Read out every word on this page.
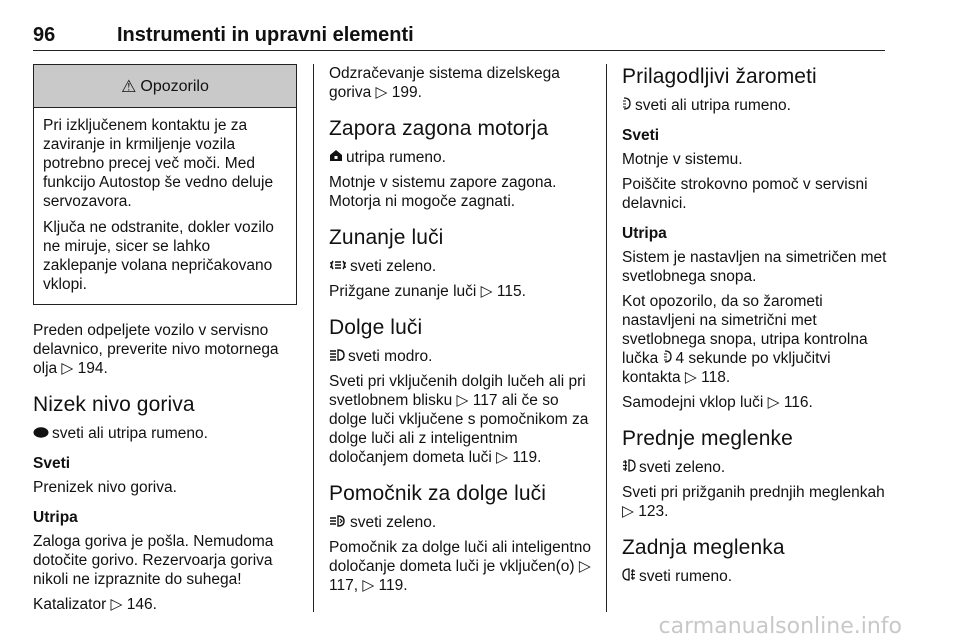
96	Instrumenti in upravni elementi
⚠ Opozorilo

Pri izključenem kontaktu je za zaviranje in krmiljenje vozila potrebno precej več moči. Med funkcijo Autostop še vedno deluje servozavora.

Ključa ne odstranite, dokler vozilo ne miruje, sicer se lahko zaklepanje volana nepričakovano vklopi.

Preden odpeljete vozilo v servisno delavnico, preverite nivo motornega olja ▷ 194.

Nizek nivo goriva

sveti ali utripa rumeno.

Sveti

Prenizek nivo goriva.

Utripa

Zaloga goriva je pošla. Nemudoma dotočite gorivo. Rezervoarja goriva nikoli ne izpraznite do suhega!

Katalizator ▷ 146.

Odzračevanje sistema dizelskega goriva ▷ 199.

Zapora zagona motorja

utripa rumeno.

Motnje v sistemu zapore zagona. Motorja ni mogoče zagnati.

Zunanje luči

sveti zeleno.

Prižgane zunanje luči ▷ 115.

Dolge luči

sveti modro.

Sveti pri vključenih dolgih lučeh ali pri svetlobnem blisku ▷ 117 ali če so dolge luči vključene s pomočnikom za dolge luči ali z inteligentnim določanjem dometa luči ▷ 119.

Pomočnik za dolge luči

sveti zeleno.

Pomočnik za dolge luči ali inteligentno določanje dometa luči je vključen(o) ▷ 117, ▷ 119.

Prilagodljivi žarometi

sveti ali utripa rumeno.

Sveti

Motnje v sistemu.

Poiščite strokovno pomoč v servisni delavnici.

Utripa

Sistem je nastavljen na simetričen met svetlobnega snopa.

Kot opozorilo, da so žarometi nastavljeni na simetrični met svetlobnega snopa, utripa kontrolna lučka 4 sekunde po vključitvi kontakta ▷ 118.

Samodejni vklop luči ▷ 116.

Prednje meglenke

sveti zeleno.

Sveti pri prižganih prednjih meglenkah ▷ 123.

Zadnja meglenka

sveti rumeno.

carmanualsonline.info
